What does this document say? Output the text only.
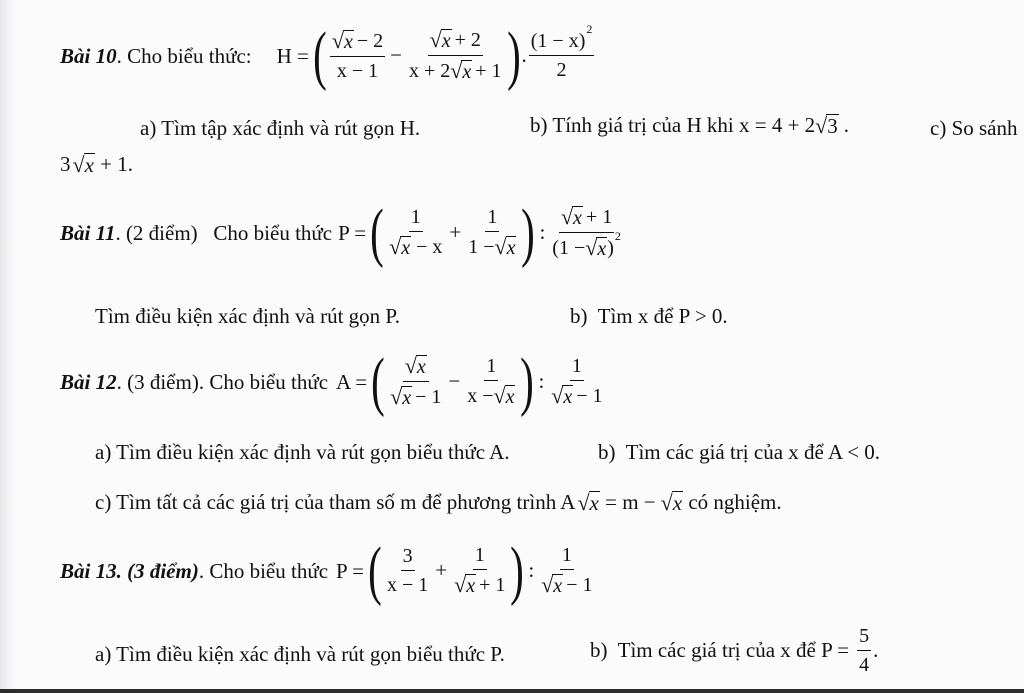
Bài 10 . Cho biểu thức: H = ( $\frac{√ x - 2}{x - 1} - \frac{√ x + 2}{x + 2 √ x + 1}$ ) . (1 − x)
2
2
a) Tìm tập xác định và rút gọn H.	b) Tính giá trị của H khi x = 4 + 2 √ 3 .	c) So sánh
3 √ x + 1.
Bài 11 . (2 điểm)   Cho biểu thức P = ( $\frac{1}{√ x - x} + \frac{1}{1 - √ x}$ ) : √ x + 1
(1 − √ x )
2
Tìm điều kiện xác định và rút gọn P.	b)  Tìm x để P > 0.
Bài 12 . (3 điểm). Cho biểu thức A = ( $\frac{√ x}{√ x - 1} - \frac{1}{x - √ x}$ ) : $\frac{1}{√ x - 1}$
a) Tìm điều kiện xác định và rút gọn biểu thức A.	b)  Tìm các giá trị của x để A < 0.
c) Tìm tất cả các giá trị của tham số m để phương trình A √ x = m − √ x có nghiệm.
Bài 13. (3 điểm) . Cho biểu thức P = ( $\frac{3}{x - 1} + \frac{1}{√ x + 1}$ ) : $\frac{1}{√ x - 1}$
a) Tìm điều kiện xác định và rút gọn biểu thức P.	b)  Tìm các giá trị của x để $P = \frac{5}{4}$ .
